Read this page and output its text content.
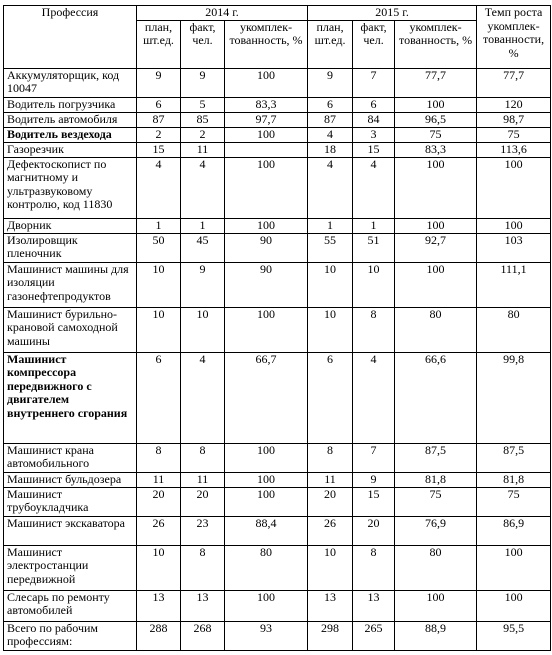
Профессия	2014 г.			2015 г.			Темп роста укомплек-тованности, %
	план, шт.ед.	факт, чел.	укомплек-тованность, %	план, шт.ед.	факт, чел.	укомплек-тованность, %	
Аккумуляторщик, код 10047	9	9	100	9	7	77,7	77,7
Водитель погрузчика	6	5	83,3	6	6	100	120
Водитель автомобиля	87	85	97,7	87	84	96,5	98,7
Водитель вездехода	2	2	100	4	3	75	75
Газорезчик	15	11		18	15	83,3	113,6
Дефектоскопист по магнитному и ультразвуковому контролю, код 11830	4	4	100	4	4	100	100
Дворник	1	1	100	1	1	100	100
Изолировщик пленочник	50	45	90	55	51	92,7	103
Машинист машины для изоляции газонефтепродуктов	10	9	90	10	10	100	111,1
Машинист бурильно-крановой самоходной машины	10	10	100	10	8	80	80
Машинист компрессора передвижного с двигателем внутреннего сгорания	6	4	66,7	6	4	66,6	99,8
Машинист крана автомобильного	8	8	100	8	7	87,5	87,5
Машинист бульдозера	11	11	100	11	9	81,8	81,8
Машинист трубоукладчика	20	20	100	20	15	75	75
Машинист экскаватора	26	23	88,4	26	20	76,9	86,9
Машинист электростанции передвижной	10	8	80	10	8	80	100
Слесарь по ремонту автомобилей	13	13	100	13	13	100	100
Всего по рабочим профессиям:	288	268	93	298	265	88,9	95,5
